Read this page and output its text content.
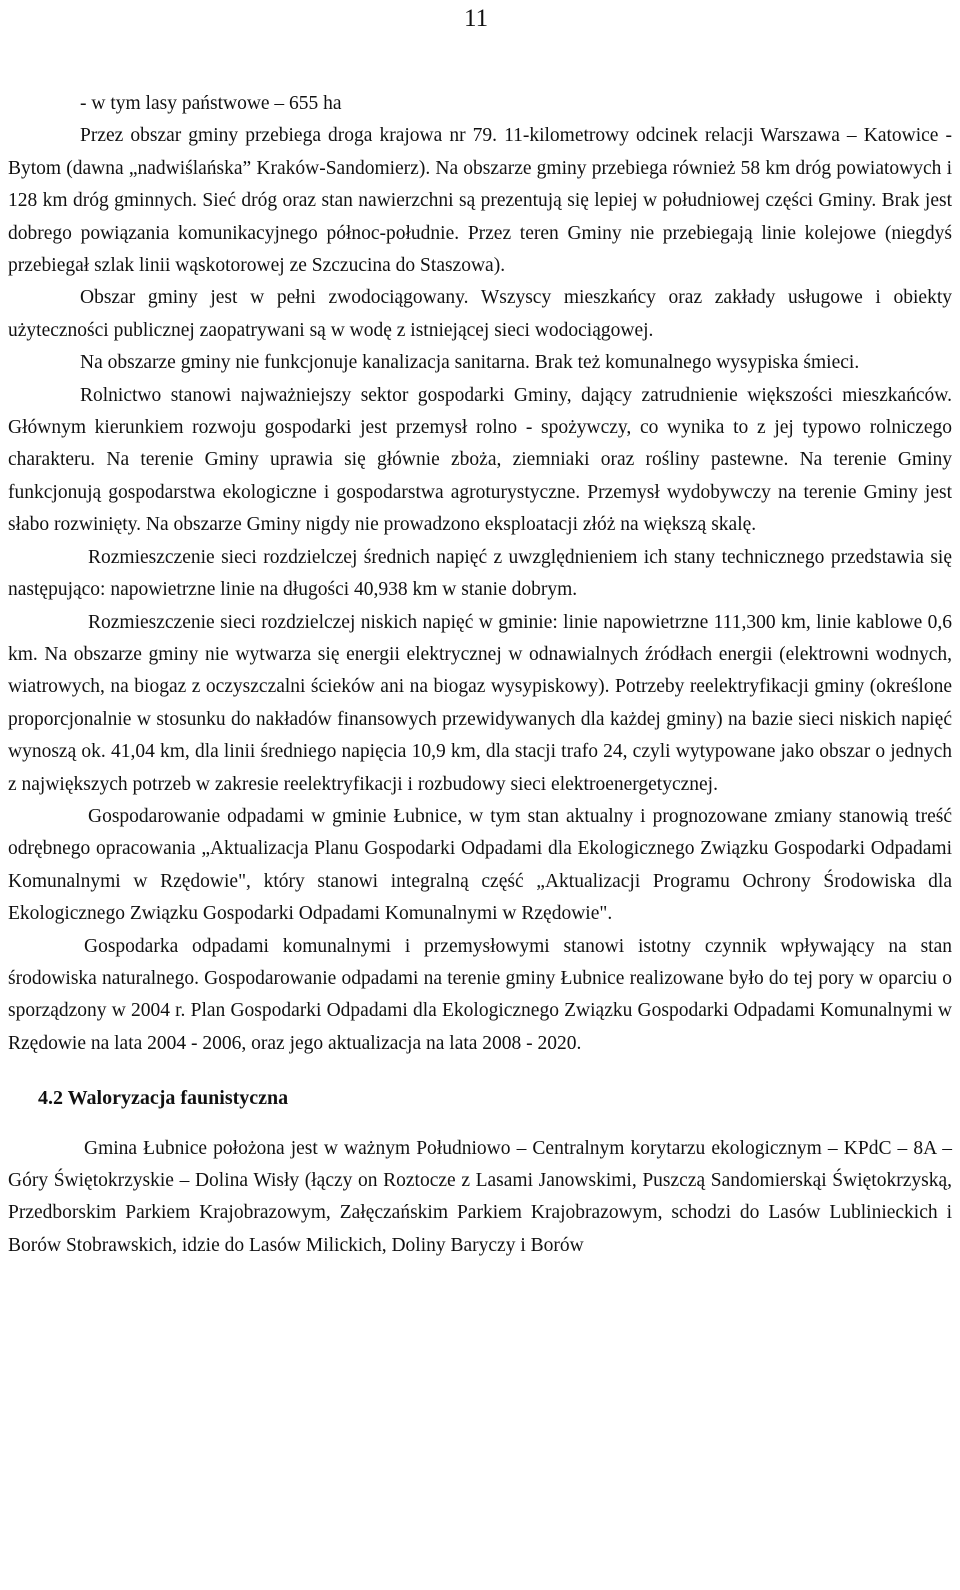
11

- w tym lasy państwowe – 655 ha

Przez obszar gminy przebiega droga krajowa nr 79. 11-kilometrowy odcinek relacji Warszawa – Katowice - Bytom (dawna „nadwiślańska” Kraków-Sandomierz). Na obszarze gminy przebiega również 58 km dróg powiatowych i 128 km dróg gminnych. Sieć dróg oraz stan nawierzchni są prezentują się lepiej w południowej części Gminy. Brak jest dobrego powiązania komunikacyjnego północ-południe. Przez teren Gminy nie przebiegają linie kolejowe (niegdyś przebiegał szlak linii wąskotorowej ze Szczucina do Staszowa).

Obszar gminy jest w pełni zwodociągowany. Wszyscy mieszkańcy oraz zakłady usługowe i obiekty użyteczności publicznej zaopatrywani są w wodę z istniejącej sieci wodociągowej.

Na obszarze gminy nie funkcjonuje kanalizacja sanitarna. Brak też komunalnego wysypiska śmieci.

Rolnictwo stanowi najważniejszy sektor gospodarki Gminy, dający zatrudnienie większości mieszkańców. Głównym kierunkiem rozwoju gospodarki jest przemysł rolno - spożywczy, co wynika to z jej typowo rolniczego charakteru. Na terenie Gminy uprawia się głównie zboża, ziemniaki oraz rośliny pastewne. Na terenie Gminy funkcjonują gospodarstwa ekologiczne i gospodarstwa agroturystyczne. Przemysł wydobywczy na terenie Gminy jest słabo rozwinięty. Na obszarze Gminy nigdy nie prowadzono eksploatacji złóż na większą skalę.

Rozmieszczenie sieci rozdzielczej średnich napięć z uwzględnieniem ich stany technicznego przedstawia się następująco: napowietrzne linie na długości 40,938 km w stanie dobrym.

Rozmieszczenie sieci rozdzielczej niskich napięć w gminie: linie napowietrzne 111,300 km, linie kablowe 0,6 km. Na obszarze gminy nie wytwarza się energii elektrycznej w odnawialnych źródłach energii (elektrowni wodnych, wiatrowych, na biogaz z oczyszczalni ścieków ani na biogaz wysypiskowy). Potrzeby reelektryfikacji gminy (określone proporcjonalnie w stosunku do nakładów finansowych przewidywanych dla każdej gminy) na bazie sieci niskich napięć wynoszą ok. 41,04 km, dla linii średniego napięcia 10,9 km, dla stacji trafo 24, czyli wytypowane jako obszar o jednych z największych potrzeb w zakresie reelektryfikacji i rozbudowy sieci elektroenergetycznej.

Gospodarowanie odpadami w gminie Łubnice, w tym stan aktualny i prognozowane zmiany stanowią treść odrębnego opracowania „Aktualizacja Planu Gospodarki Odpadami dla Ekologicznego Związku Gospodarki Odpadami Komunalnymi w Rzędowie", który stanowi integralną część „Aktualizacji Programu Ochrony Środowiska dla Ekologicznego Związku Gospodarki Odpadami Komunalnymi w Rzędowie".

Gospodarka odpadami komunalnymi i przemysłowymi stanowi istotny czynnik wpływający na stan środowiska naturalnego. Gospodarowanie odpadami na terenie gminy Łubnice realizowane było do tej pory w oparciu o sporządzony w 2004 r. Plan Gospodarki Odpadami dla Ekologicznego Związku Gospodarki Odpadami Komunalnymi w Rzędowie na lata 2004 - 2006, oraz jego aktualizacja na lata 2008 - 2020.

4.2 Waloryzacja faunistyczna

Gmina Łubnice położona jest w ważnym Południowo – Centralnym korytarzu ekologicznym – KPdC – 8A – Góry Świętokrzyskie – Dolina Wisły (łączy on Roztocze z Lasami Janowskimi, Puszczą Sandomierskąi Świętokrzyską, Przedborskim Parkiem Krajobrazowym, Załęczańskim Parkiem Krajobrazowym, schodzi do Lasów Lublinieckich i Borów Stobrawskich, idzie do Lasów Milickich, Doliny Baryczy i Borów
